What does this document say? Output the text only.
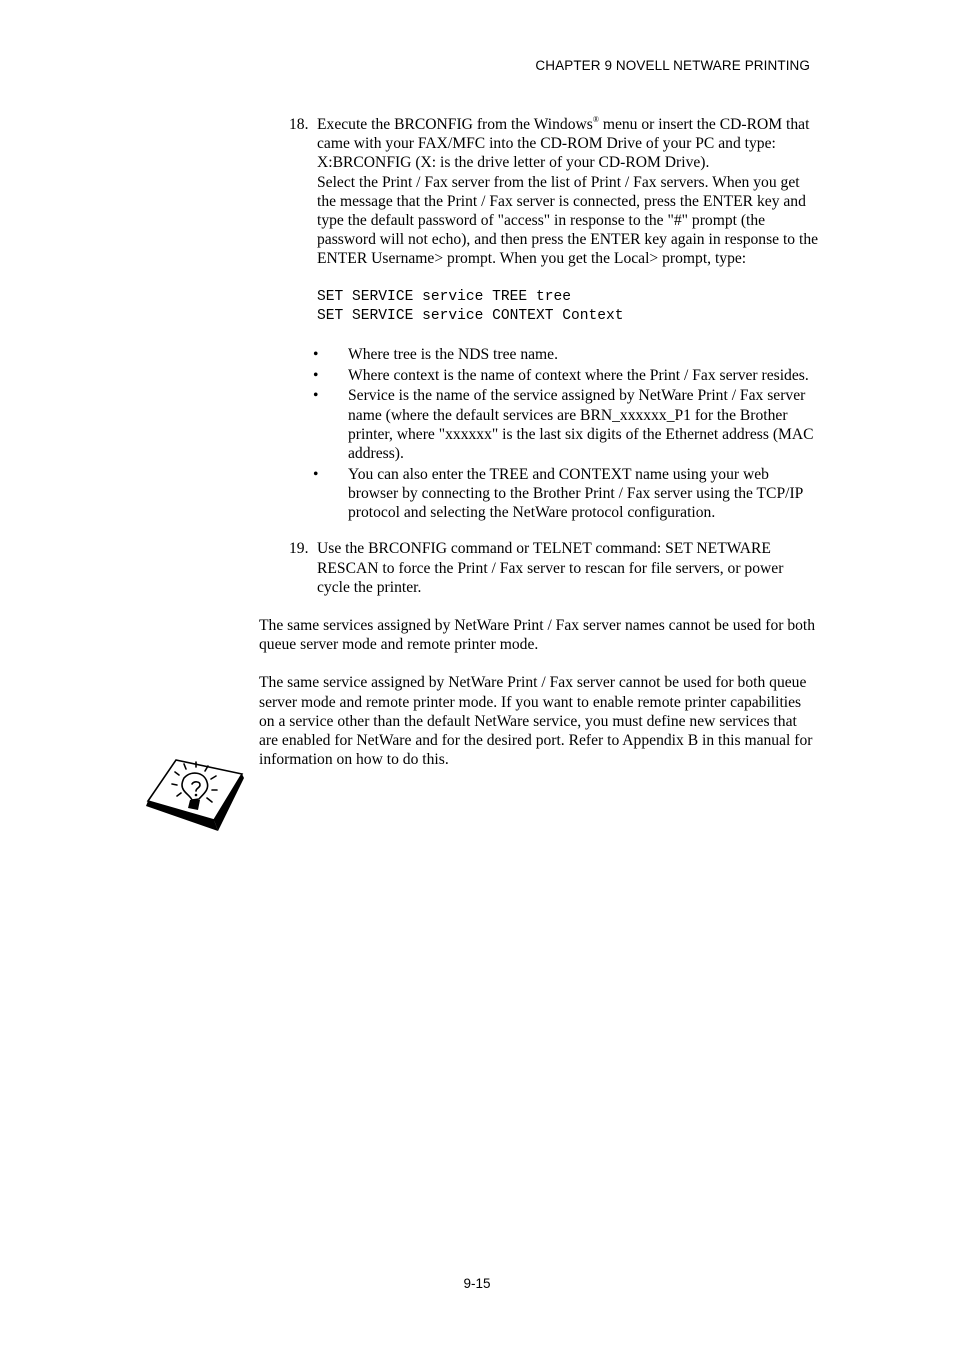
CHAPTER 9 NOVELL NETWARE PRINTING
18. Execute the BRCONFIG from the Windows® menu or insert the CD-ROM that came with your FAX/MFC into the CD-ROM Drive of your PC and type: X:BRCONFIG (X: is the drive letter of your CD-ROM Drive).

Select the Print / Fax server from the list of Print / Fax servers. When you get the message that the Print / Fax server is connected, press the ENTER key and type the default password of "access" in response to the "#" prompt (the password will not echo), and then press the ENTER key again in response to the ENTER Username> prompt. When you get the Local> prompt, type:

SET SERVICE service TREE tree
SET SERVICE service CONTEXT Context
• Where tree is the NDS tree name.
• Where context is the name of context where the Print / Fax server resides.
• Service is the name of the service assigned by NetWare Print / Fax server name (where the default services are BRN_xxxxxx_P1 for the Brother printer, where "xxxxxx" is the last six digits of the Ethernet address (MAC address).
• You can also enter the TREE and CONTEXT name using your web browser by connecting to the Brother Print / Fax server using the TCP/IP protocol and selecting the NetWare protocol configuration.
19. Use the BRCONFIG command or TELNET command: SET NETWARE RESCAN to force the Print / Fax server to rescan for file servers, or power cycle the printer.

The same services assigned by NetWare Print / Fax server names cannot be used for both queue server mode and remote printer mode.

The same service assigned by NetWare Print / Fax server cannot be used for both queue server mode and remote printer mode. If you want to enable remote printer capabilities on a service other than the default NetWare service, you must define new services that are enabled for NetWare and for the desired port. Refer to Appendix B in this manual for information on how to do this.

9-15
